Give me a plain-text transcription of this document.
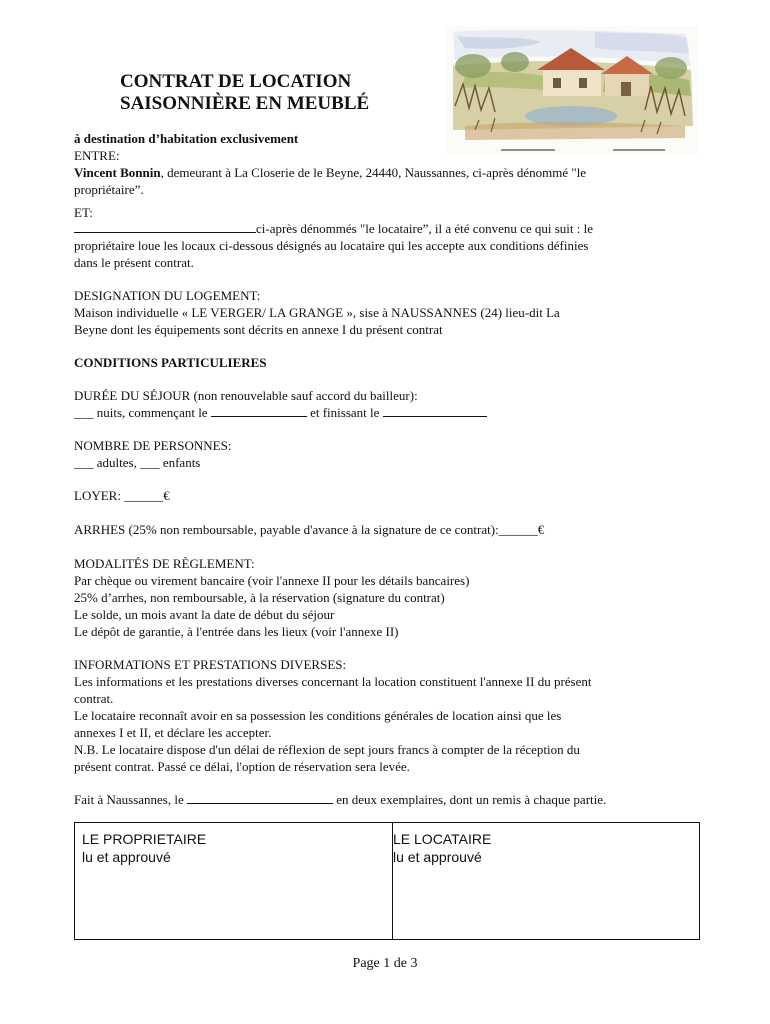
CONTRAT DE LOCATION
SAISONNIÈRE EN MEUBLÉ
à destination d’habitation exclusivement
ENTRE:
Vincent Bonnin, demeurant à La Closerie de le Beyne, 24440, Naussannes, ci-après dénommé "le
propriétaire”.
ET:
ci-après dénommés "le locataire”, il a été convenu ce qui suit : le
propriétaire loue les locaux ci-dessous désignés au locataire qui les accepte aux conditions définies
dans le présent contrat.
DESIGNATION DU LOGEMENT:
Maison individuelle « LE VERGER/ LA GRANGE », sise à NAUSSANNES (24) lieu-dit La
Beyne dont les équipements sont décrits en annexe I du présent contrat
CONDITIONS PARTICULIERES
DURÉE DU SÉJOUR (non renouvelable sauf accord du bailleur):
___ nuits, commençant le	et finissant le
NOMBRE DE PERSONNES:
___ adultes, ___ enfants
LOYER: ______€
ARRHES (25% non remboursable, payable d'avance à la signature de ce contrat):______€
MODALITÉS DE RÈGLEMENT:
Par chèque ou virement bancaire (voir l'annexe II pour les détails bancaires)
25% d’arrhes, non remboursable, à la réservation (signature du contrat)
Le solde, un mois avant la date de début du séjour
Le dépôt de garantie, à l'entrée dans les lieux (voir l'annexe II)
INFORMATIONS ET PRESTATIONS DIVERSES:
Les informations et les prestations diverses concernant la location constituent l'annexe II du présent
contrat.
Le locataire reconnaît avoir en sa possession les conditions générales de location ainsi que les
annexes I et II, et déclare les accepter.
N.B. Le locataire dispose d'un délai de réflexion de sept jours francs à compter de la réception du
présent contrat. Passé ce délai, l'option de réservation sera levée.
Fait à Naussannes, le	en deux exemplaires, dont un remis à chaque partie.
LE PROPRIETAIRE
lu et approuvé
LE LOCATAIRE
lu et approuvé
Page 1 de 3
